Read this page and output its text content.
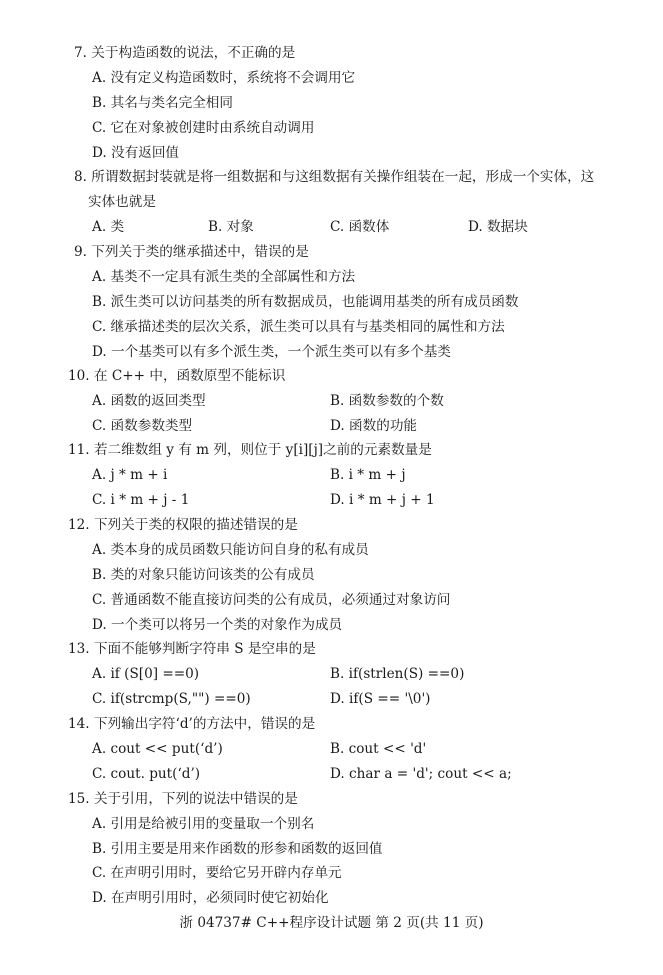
7. 关于构造函数的说法，不正确的是
A. 没有定义构造函数时，系统将不会调用它
B. 其名与类名完全相同
C. 它在对象被创建时由系统自动调用
D. 没有返回值
8. 所谓数据封装就是将一组数据和与这组数据有关操作组装在一起，形成一个实体，这
实体也就是
A. 类	B. 对象	C. 函数体	D. 数据块
9. 下列关于类的继承描述中，错误的是
A. 基类不一定具有派生类的全部属性和方法
B. 派生类可以访问基类的所有数据成员，也能调用基类的所有成员函数
C. 继承描述类的层次关系，派生类可以具有与基类相同的属性和方法
D. 一个基类可以有多个派生类，一个派生类可以有多个基类
10. 在 C++ 中，函数原型不能标识
A. 函数的返回类型	B. 函数参数的个数
C. 函数参数类型	D. 函数的功能
11. 若二维数组 y 有 m 列，则位于 y[i][j]之前的元素数量是
A. j * m + i	B. i * m + j
C. i * m + j - 1	D. i * m + j + 1
12. 下列关于类的权限的描述错误的是
A. 类本身的成员函数只能访问自身的私有成员
B. 类的对象只能访问该类的公有成员
C. 普通函数不能直接访问类的公有成员，必须通过对象访问
D. 一个类可以将另一个类的对象作为成员
13. 下面不能够判断字符串 S 是空串的是
A. if (S[0] ==0)	B. if(strlen(S) ==0)
C. if(strcmp(S,"") ==0)	D. if(S == '\0')
14. 下列输出字符‘d’的方法中，错误的是
A. cout << put(‘d’)	B. cout << 'd'
C. cout. put(‘d’)	D. char a = 'd'; cout << a;
15. 关于引用，下列的说法中错误的是
A. 引用是给被引用的变量取一个别名
B. 引用主要是用来作函数的形参和函数的返回值
C. 在声明引用时，要给它另开辟内存单元
D. 在声明引用时，必须同时使它初始化
浙 04737# C++程序设计试题 第 2 页(共 11 页)
